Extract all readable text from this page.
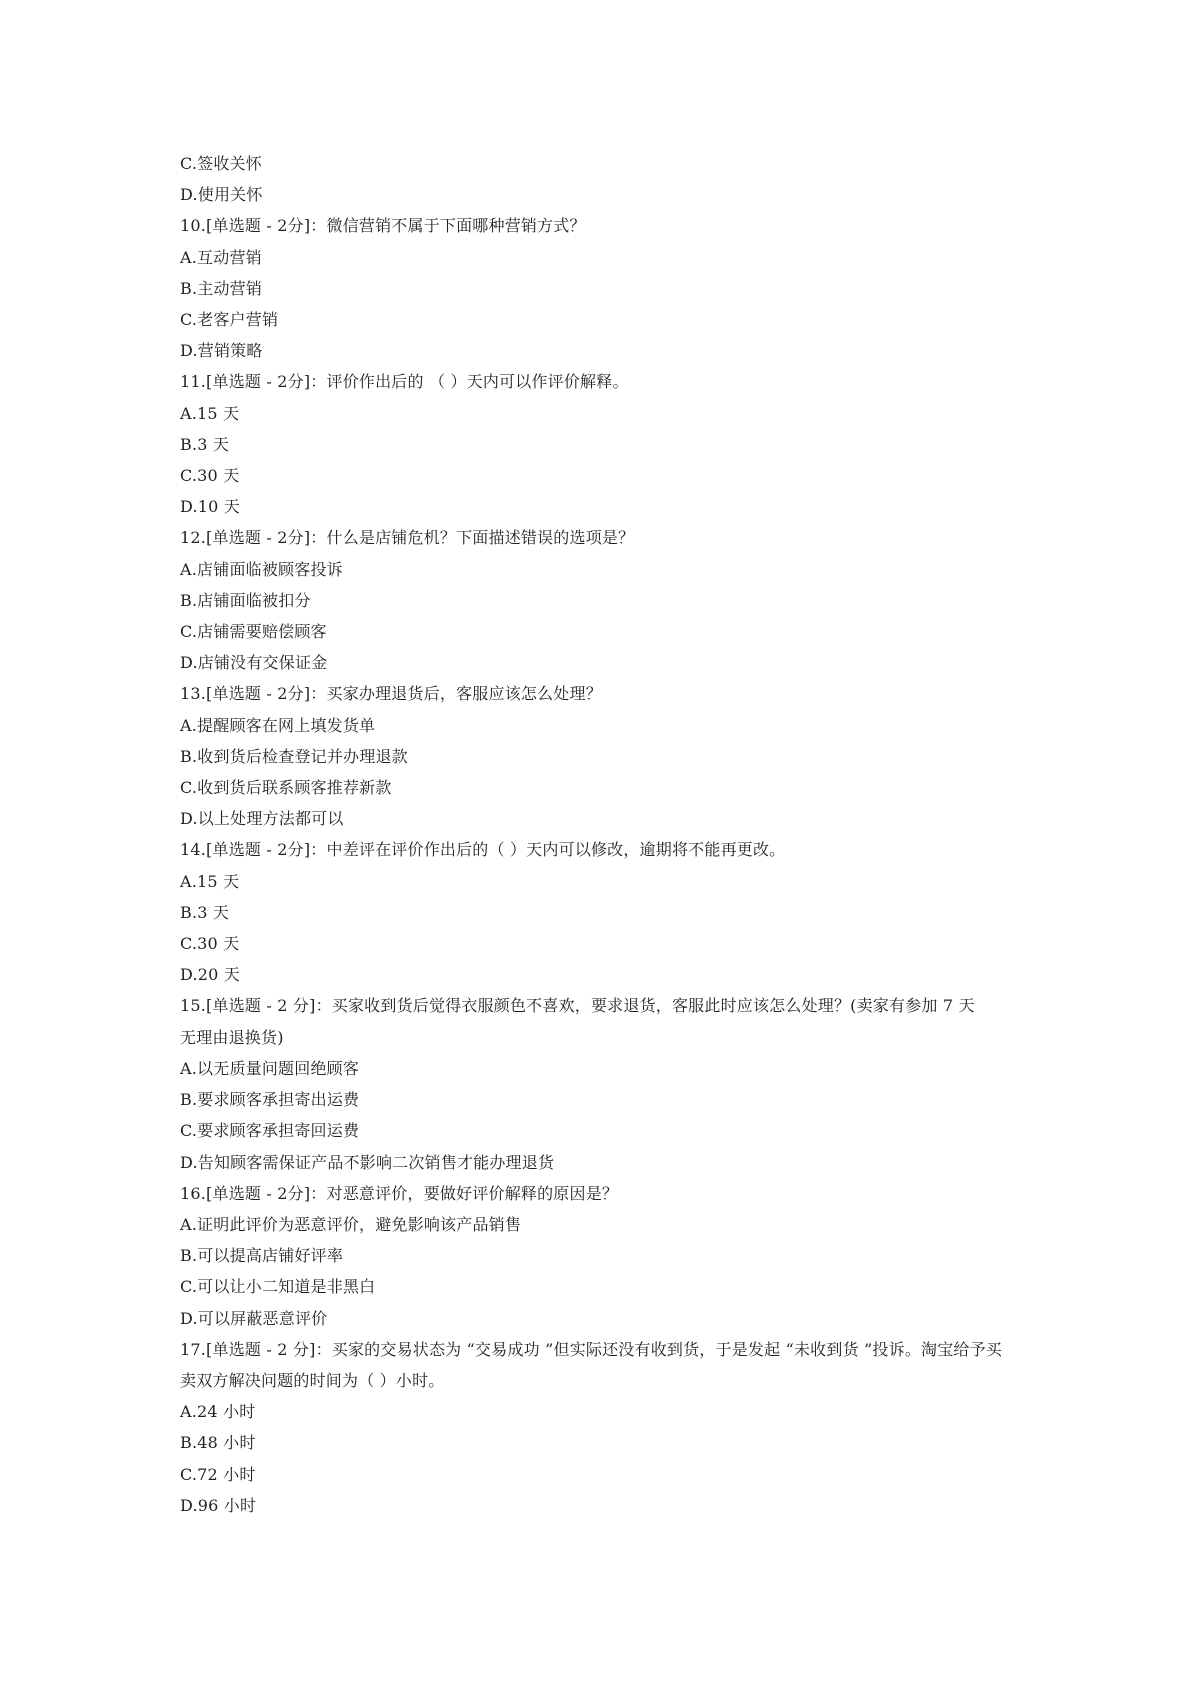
C.签收关怀
D.使用关怀
10.[单选题 - 2分]：微信营销不属于下面哪种营销方式？
A.互动营销
B.主动营销
C.老客户营销
D.营销策略
11.[单选题 - 2分]：评价作出后的 （ ）天内可以作评价解释。
A.15 天
B.3 天
C.30 天
D.10 天
12.[单选题 - 2分]：什么是店铺危机？下面描述错误的选项是？
A.店铺面临被顾客投诉
B.店铺面临被扣分
C.店铺需要赔偿顾客
D.店铺没有交保证金
13.[单选题 - 2分]：买家办理退货后，客服应该怎么处理？
A.提醒顾客在网上填发货单
B.收到货后检查登记并办理退款
C.收到货后联系顾客推荐新款
D.以上处理方法都可以
14.[单选题 - 2分]：中差评在评价作出后的（ ）天内可以修改，逾期将不能再更改。
A.15 天
B.3 天
C.30 天
D.20 天
15.[单选题 - 2 分]：买家收到货后觉得衣服颜色不喜欢，要求退货，客服此时应该怎么处理？(卖家有参加 7 天
无理由退换货)
A.以无质量问题回绝顾客
B.要求顾客承担寄出运费
C.要求顾客承担寄回运费
D.告知顾客需保证产品不影响二次销售才能办理退货
16.[单选题 - 2分]：对恶意评价，要做好评价解释的原因是？
A.证明此评价为恶意评价，避免影响该产品销售
B.可以提高店铺好评率
C.可以让小二知道是非黑白
D.可以屏蔽恶意评价
17.[单选题 - 2 分]：买家的交易状态为 “交易成功 ”但实际还没有收到货，于是发起 “未收到货 ”投诉。淘宝给予买
卖双方解决问题的时间为（ ）小时。
A.24 小时
B.48 小时
C.72 小时
D.96 小时
